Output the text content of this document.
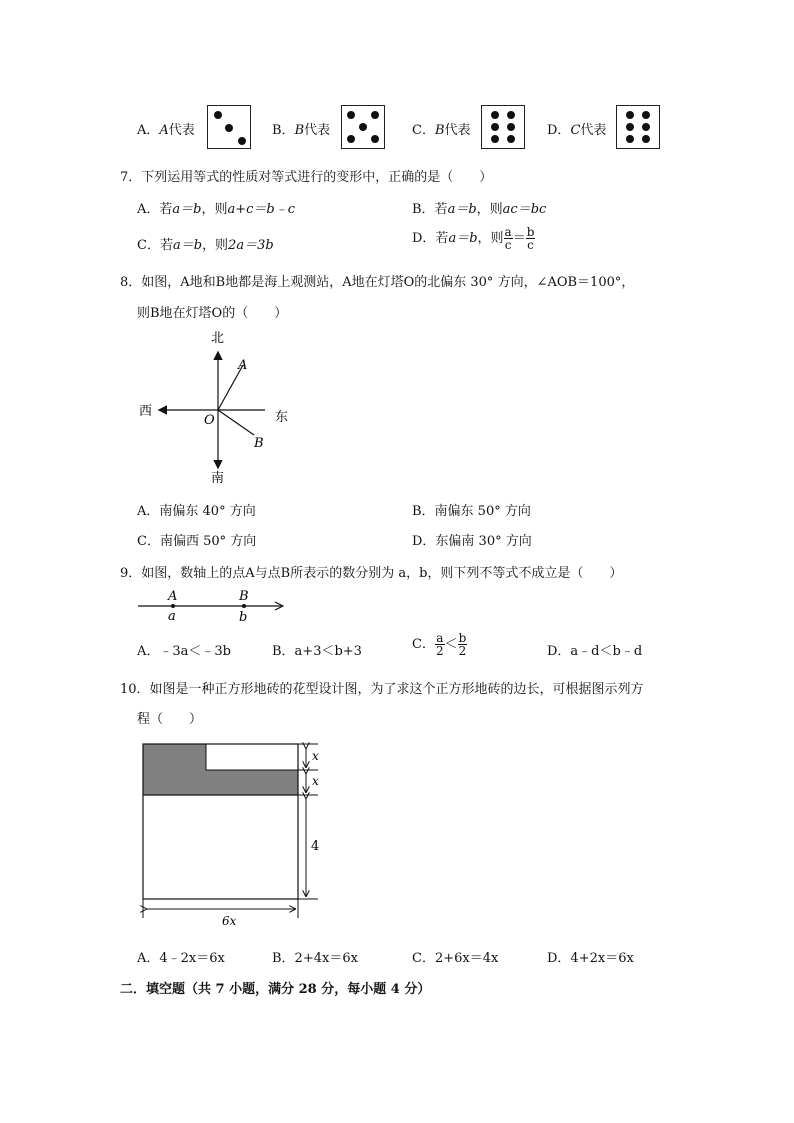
A．A代表	B．B代表	C．B代表	D．C代表
7．下列运用等式的性质对等式进行的变形中，正确的是（　　）
A．若a＝b，则a+c＝b﹣c	B．若a＝b，则ac＝bc
C．若a＝b，则2a＝3b	D．若a＝b，则 $\frac{a}{c} = \frac{b}{c}$
8．如图，A地和B地都是海上观测站，A地在灯塔O的北偏东 30° 方向，∠AOB＝100°，
则B地在灯塔O的（　　）
北
南
西	东
A
B
O
A．南偏东 40° 方向	B．南偏东 50° 方向
C．南偏西 50° 方向	D．东偏南 30° 方向
9．如图，数轴上的点A与点B所表示的数分别为 a，b，则下列不等式不成立是（　　）
A	B
a	b
A．﹣3a＜﹣3b	B．a+3＜b+3	C． $\frac{a}{2} < \frac{b}{2}$	D．a﹣d＜b﹣d
10．如图是一种正方形地砖的花型设计图，为了求这个正方形地砖的边长，可根据图示列方
程（　　）
x
x
4
6x
A．4﹣2x＝6x	B．2+4x＝6x	C．2+6x＝4x	D．4+2x＝6x
二．填空题（共 7 小题，满分 28 分，每小题 4 分）
